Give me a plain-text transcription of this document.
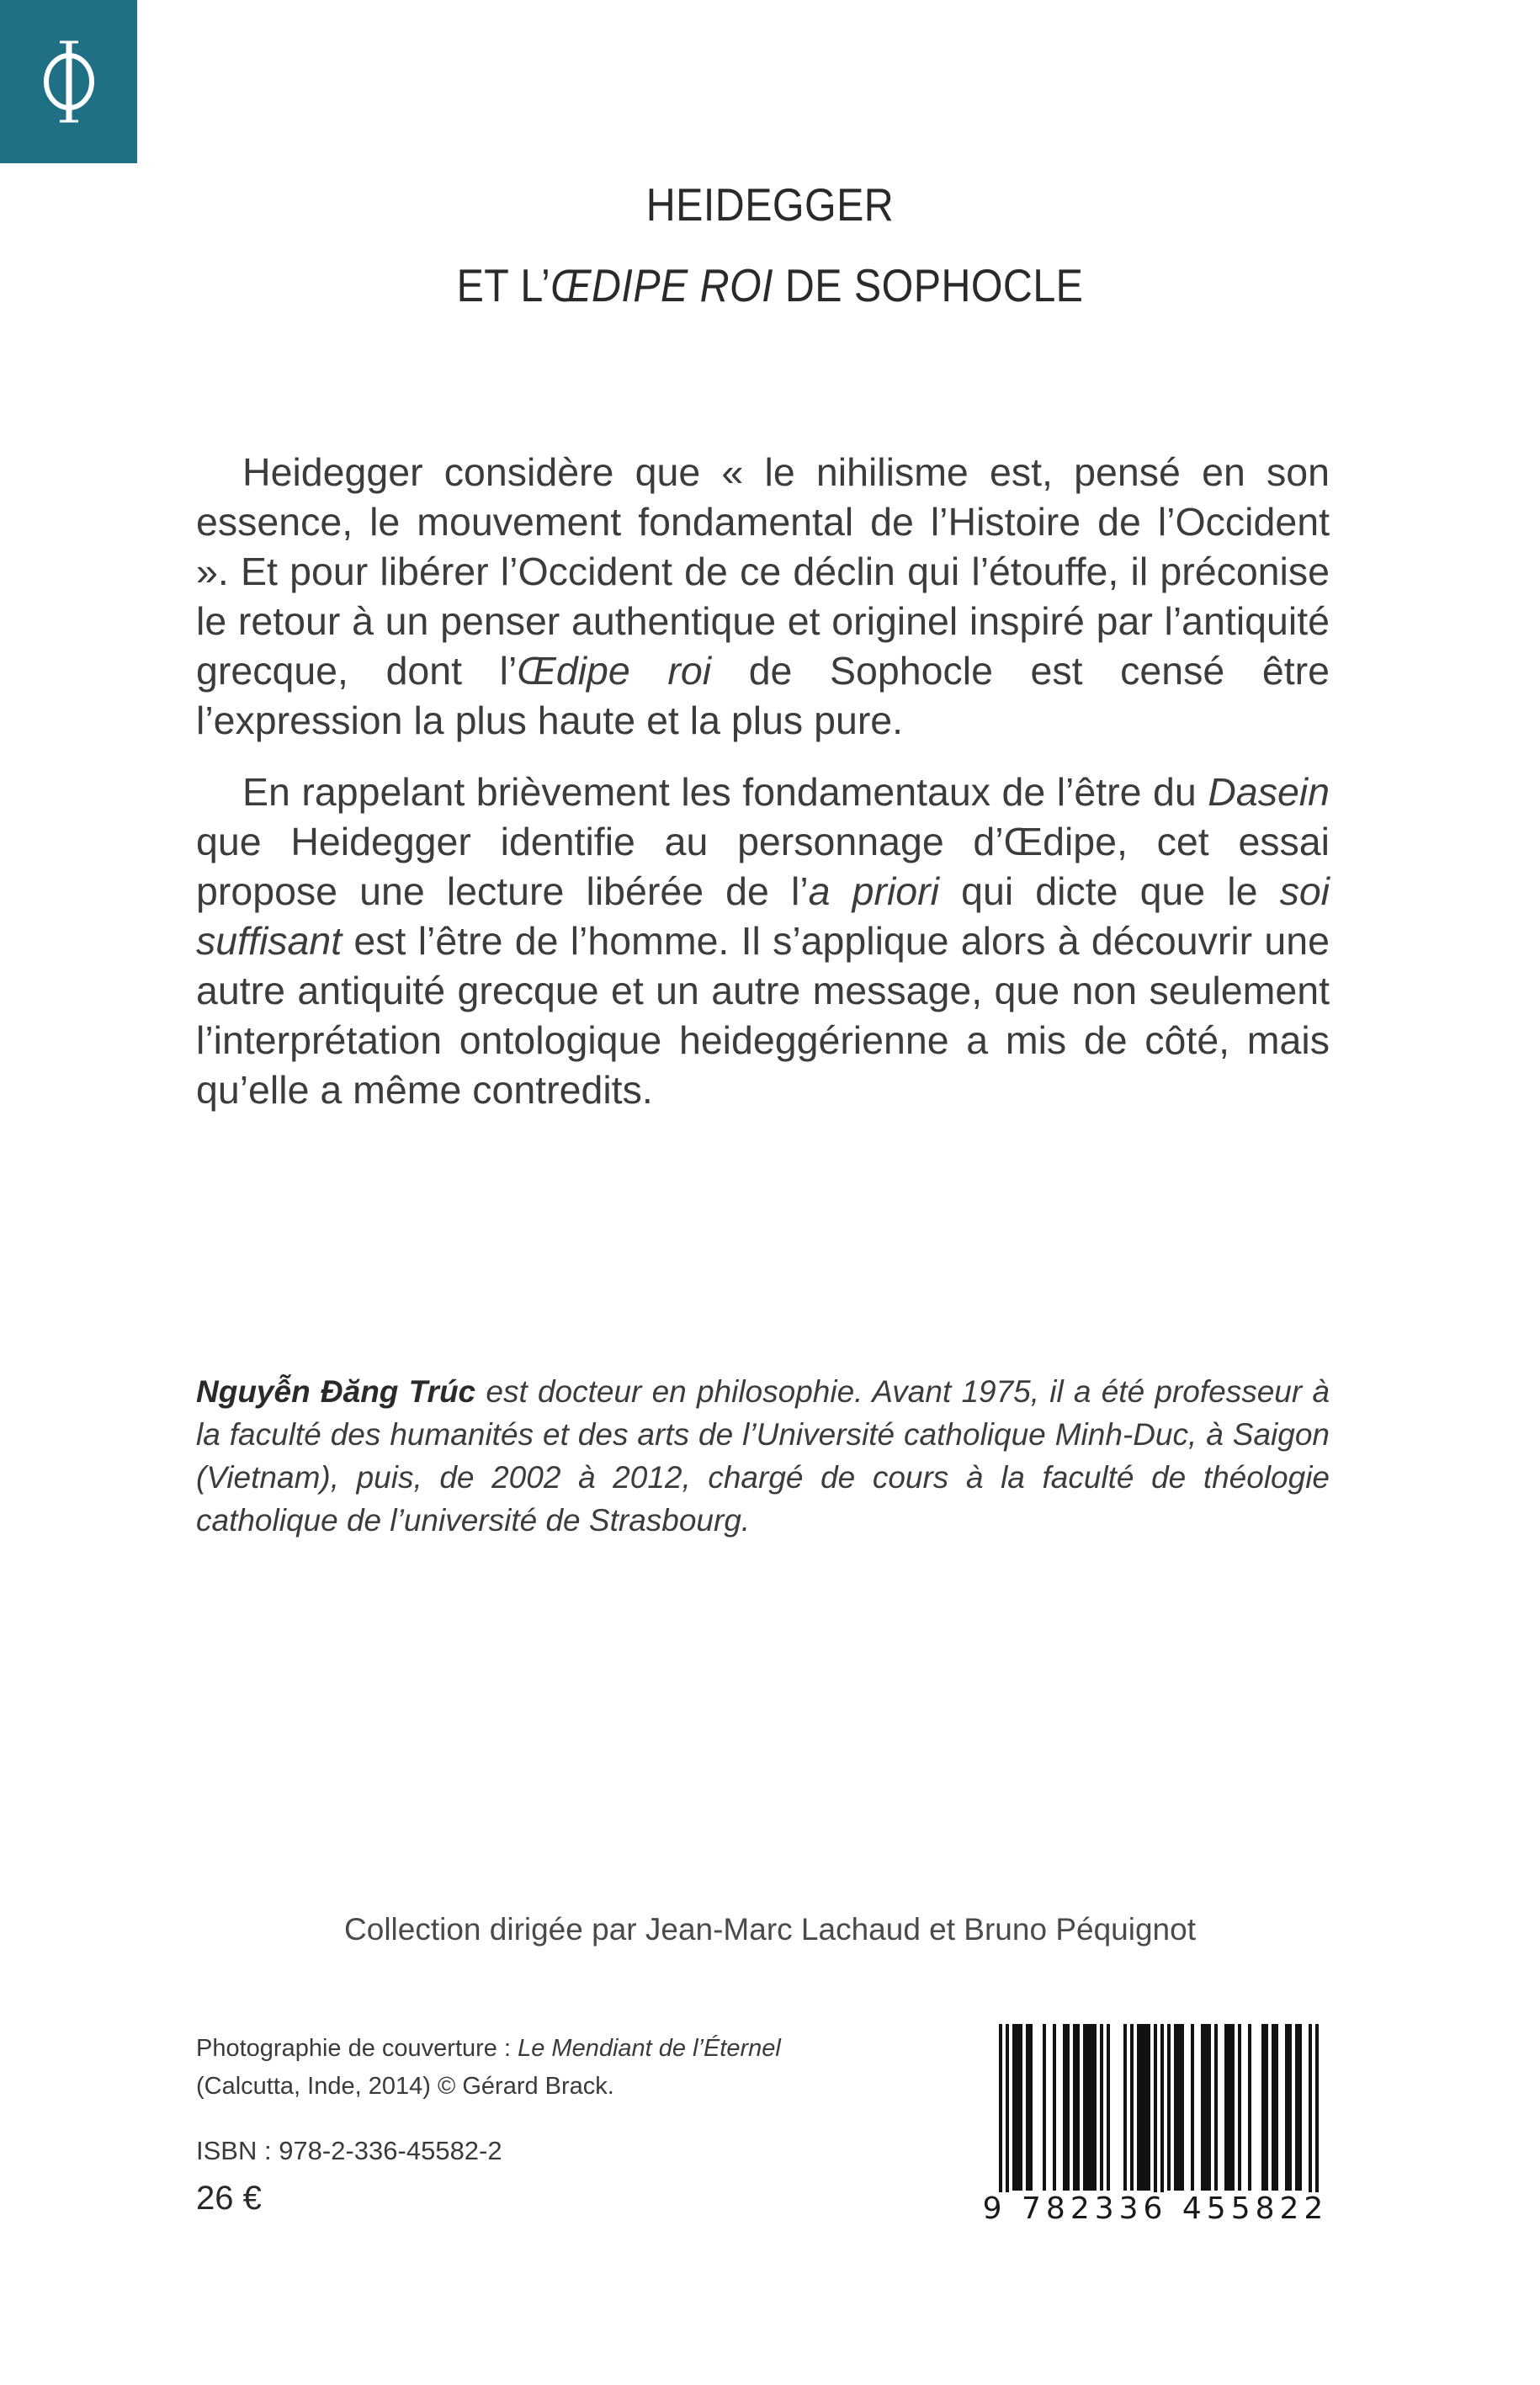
HEIDEGGER
ET L’ŒDIPE ROI DE SOPHOCLE

Heidegger considère que « le nihilisme est, pensé en son essence, le mouvement fondamental de l’Histoire de l’Occident ». Et pour libérer l’Occident de ce déclin qui l’étouffe, il préconise le retour à un penser authentique et originel inspiré par l’antiquité grecque, dont l’Œdipe roi de Sophocle est censé être l’expression la plus haute et la plus pure.

En rappelant brièvement les fondamentaux de l’être du Dasein que Heidegger identifie au personnage d’Œdipe, cet essai propose une lecture libérée de l’a priori qui dicte que le soi suffisant est l’être de l’homme. Il s’applique alors à découvrir une autre antiquité grecque et un autre message, que non seulement l’interprétation ontologique heideggérienne a mis de côté, mais qu’elle a même contredits.

Nguyễn Đăng Trúc est docteur en philosophie. Avant 1975, il a été professeur à la faculté des humanités et des arts de l’Université catholique Minh-Duc, à Saigon (Vietnam), puis, de 2002 à 2012, chargé de cours à la faculté de théologie catholique de l’université de Strasbourg.
Collection dirigée par Jean-Marc Lachaud et Bruno Péquignot
Photographie de couverture : Le Mendiant de l’Éternel
(Calcutta, Inde, 2014) © Gérard Brack.
ISBN : 978-2-336-45582-2
26 €	9 782336 455822
